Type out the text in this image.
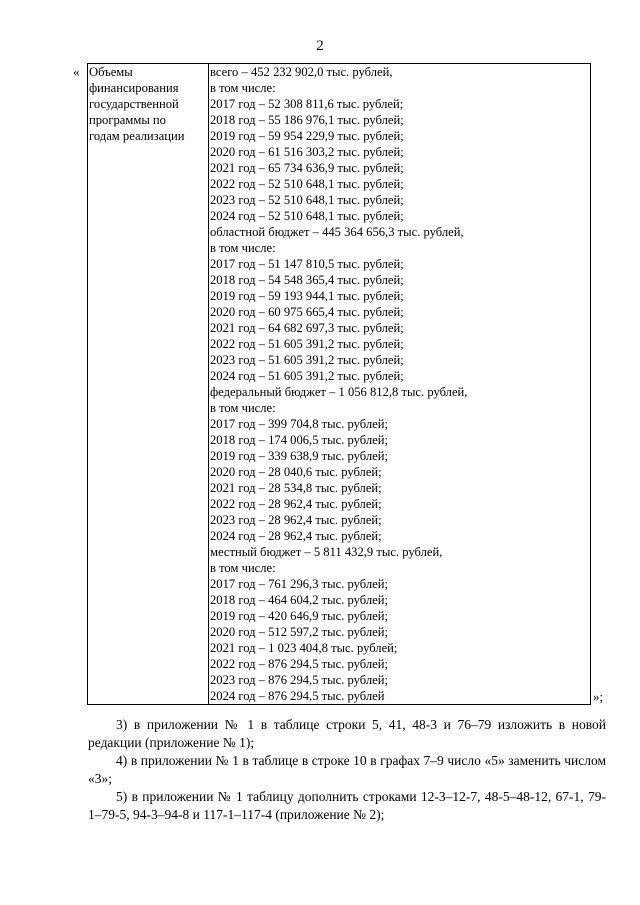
2
« Объемы
финансирования
государственной
программы по
годам реализации

всего – 452 232 902,0 тыс. рублей,
в том числе:
2017 год – 52 308 811,6 тыс. рублей;
2018 год – 55 186 976,1 тыс. рублей;
2019 год – 59 954 229,9 тыс. рублей;
2020 год – 61 516 303,2 тыс. рублей;
2021 год – 65 734 636,9 тыс. рублей;
2022 год – 52 510 648,1 тыс. рублей;
2023 год – 52 510 648,1 тыс. рублей;
2024 год – 52 510 648,1 тыс. рублей;
областной бюджет – 445 364 656,3 тыс. рублей,
в том числе:
2017 год – 51 147 810,5 тыс. рублей;
2018 год – 54 548 365,4 тыс. рублей;
2019 год – 59 193 944,1 тыс. рублей;
2020 год – 60 975 665,4 тыс. рублей;
2021 год – 64 682 697,3 тыс. рублей;
2022 год – 51 605 391,2 тыс. рублей;
2023 год – 51 605 391,2 тыс. рублей;
2024 год – 51 605 391,2 тыс. рублей;
федеральный бюджет – 1 056 812,8 тыс. рублей,
в том числе:
2017 год – 399 704,8 тыс. рублей;
2018 год – 174 006,5 тыс. рублей;
2019 год – 339 638,9 тыс. рублей;
2020 год – 28 040,6 тыс. рублей;
2021 год – 28 534,8 тыс. рублей;
2022 год – 28 962,4 тыс. рублей;
2023 год – 28 962,4 тыс. рублей;
2024 год – 28 962,4 тыс. рублей;
местный бюджет – 5 811 432,9 тыс. рублей,
в том числе:
2017 год – 761 296,3 тыс. рублей;
2018 год – 464 604,2 тыс. рублей;
2019 год – 420 646,9 тыс. рублей;
2020 год – 512 597,2 тыс. рублей;
2021 год – 1 023 404,8 тыс. рублей;
2022 год – 876 294,5 тыс. рублей;
2023 год – 876 294,5 тыс. рублей;
2024 год – 876 294,5 тыс. рублей	»;
3) в приложении № 1 в таблице строки 5, 41, 48-3 и 76–79 изложить в новой редакции (приложение № 1);
4) в приложении № 1 в таблице в строке 10 в графах 7–9 число «5» заменить числом «3»;
5) в приложении № 1 таблицу дополнить строками 12-3–12-7, 48-5–48-12, 67-1, 79-1–79-5, 94-3–94-8 и 117-1–117-4 (приложение № 2);
